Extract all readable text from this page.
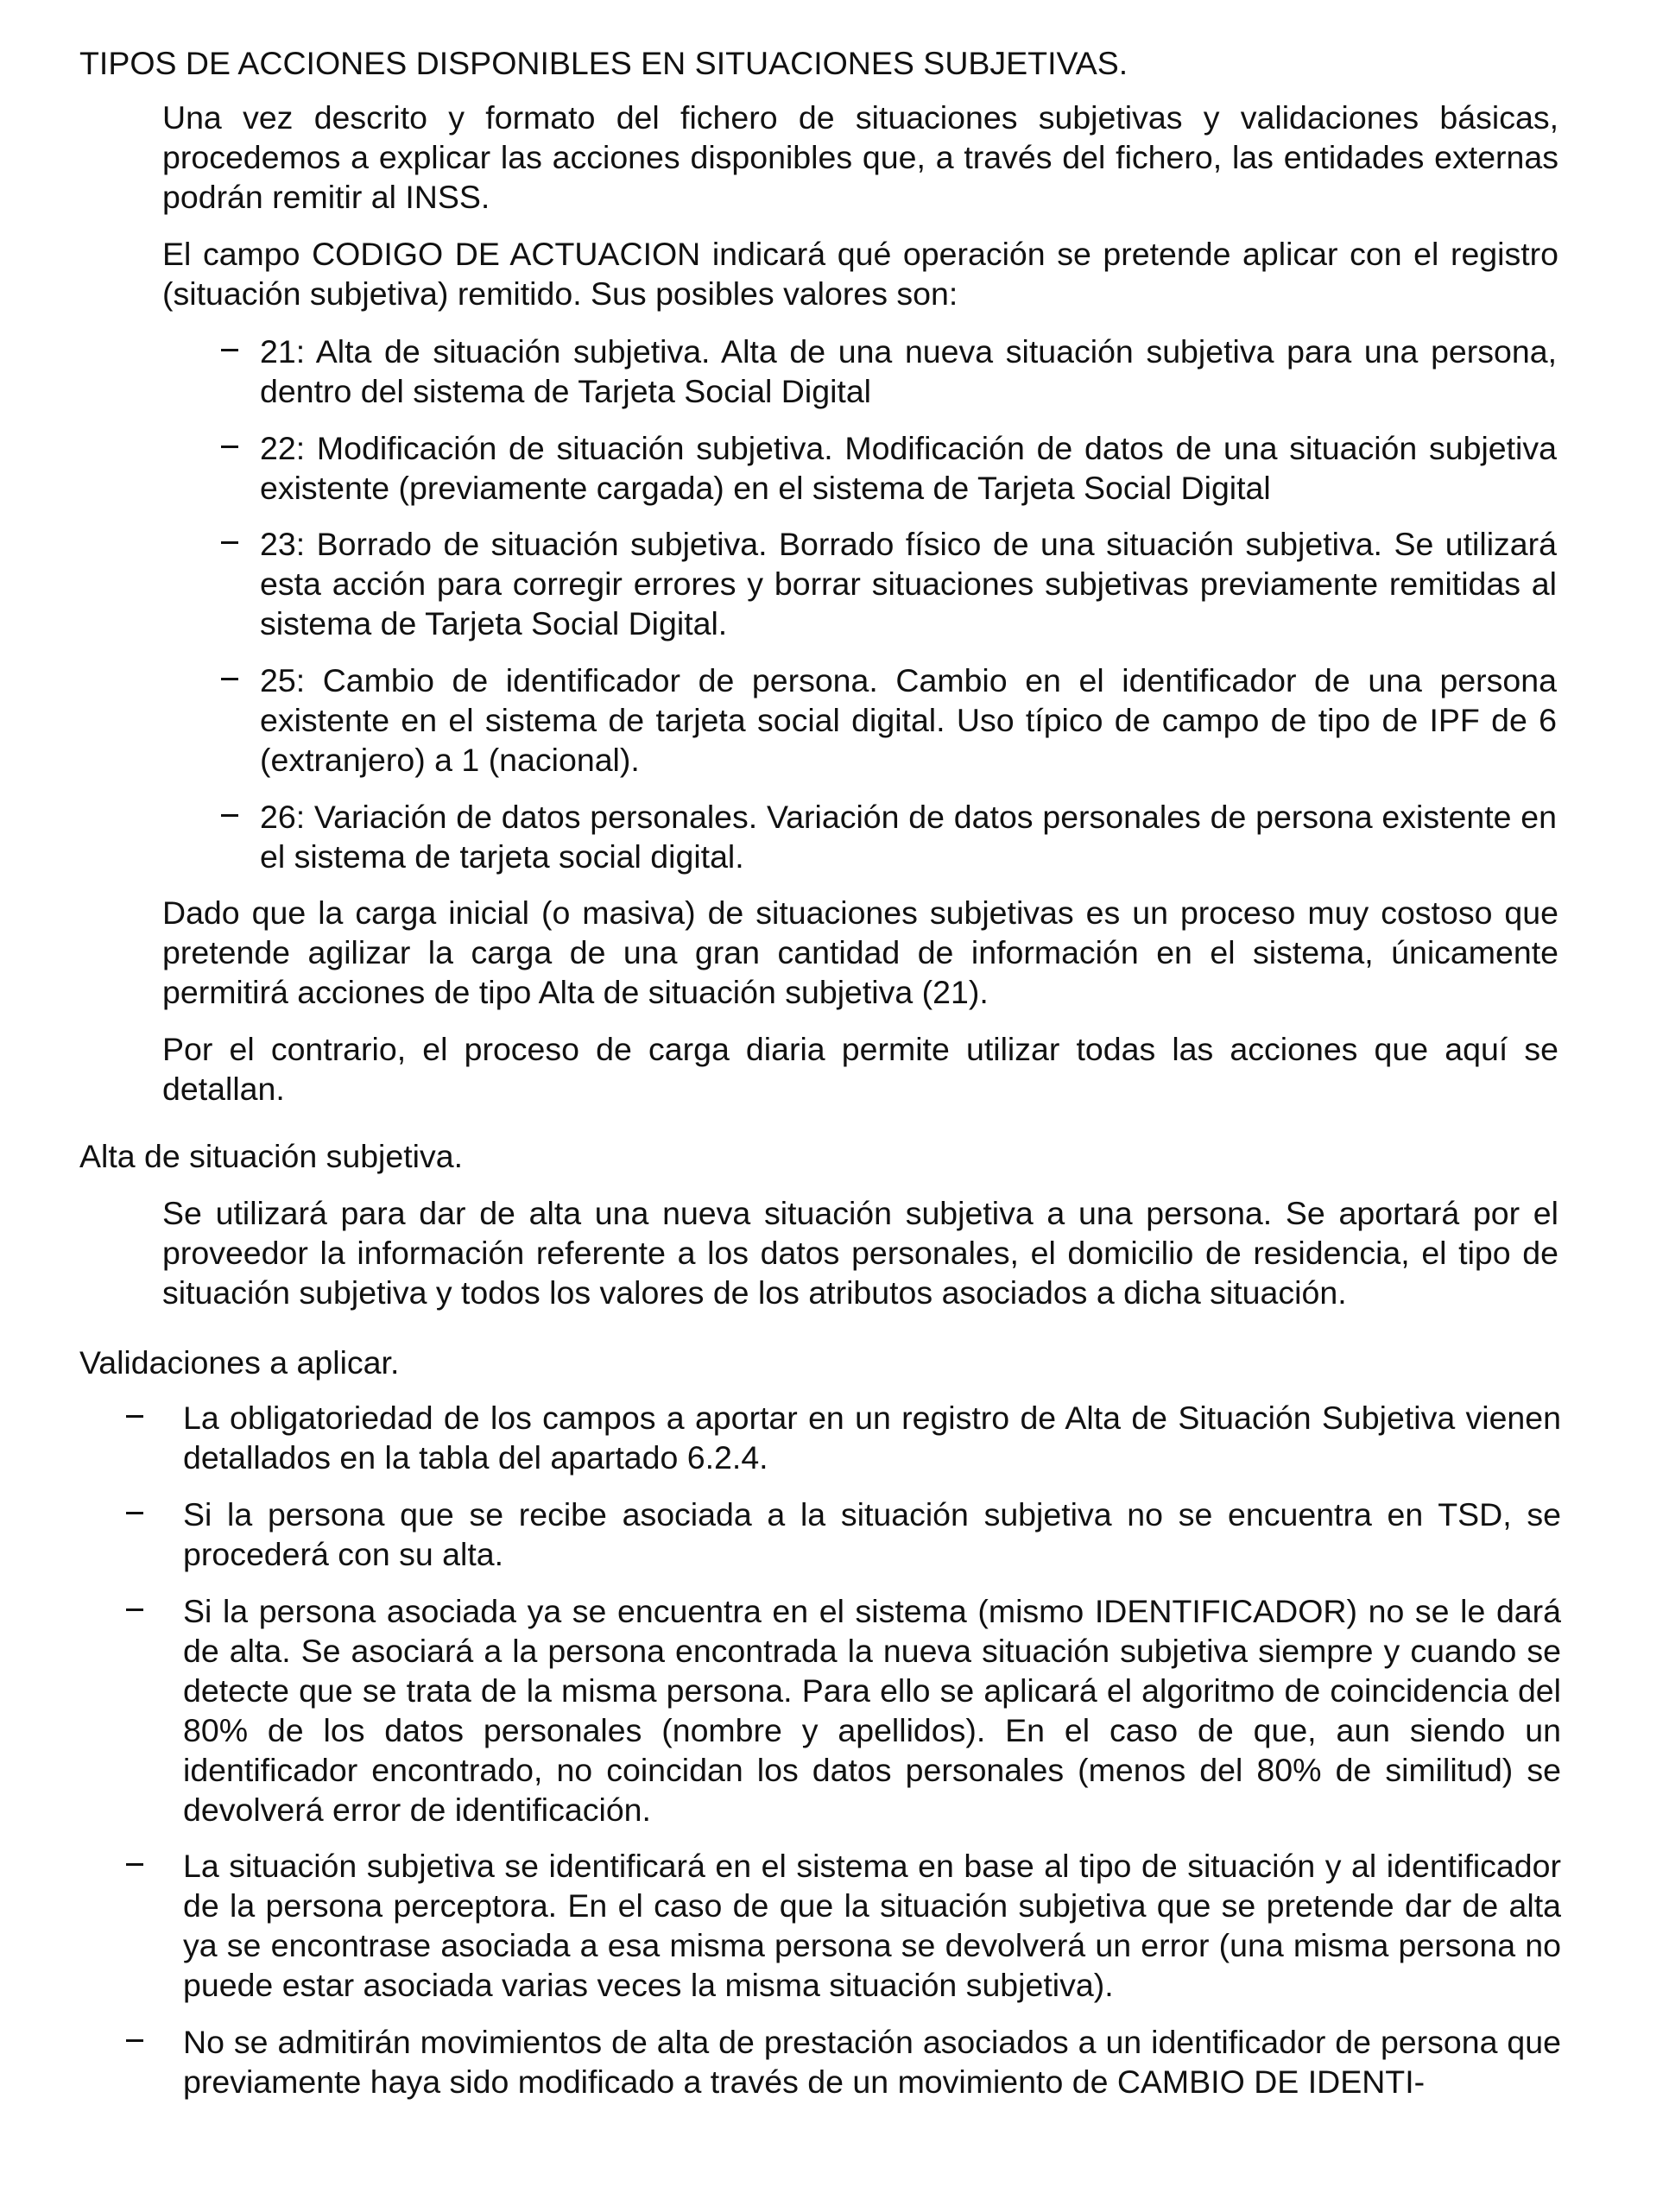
TIPOS DE ACCIONES DISPONIBLES EN SITUACIONES SUBJETIVAS.

Una vez descrito y formato del fichero de situaciones subjetivas y validaciones básicas, procedemos a explicar las acciones disponibles que, a través del fichero, las entidades externas podrán remitir al INSS.

El campo CODIGO DE ACTUACION indicará qué operación se pretende aplicar con el registro (situación subjetiva) remitido. Sus posibles valores son:

21: Alta de situación subjetiva. Alta de una nueva situación subjetiva para una persona, dentro del sistema de Tarjeta Social Digital
22: Modificación de situación subjetiva. Modificación de datos de una situación subjetiva existente (previamente cargada) en el sistema de Tarjeta Social Digital
23: Borrado de situación subjetiva. Borrado físico de una situación subjetiva. Se utilizará esta acción para corregir errores y borrar situaciones subjetivas previamente remitidas al sistema de Tarjeta Social Digital.
25: Cambio de identificador de persona. Cambio en el identificador de una persona existente en el sistema de tarjeta social digital. Uso típico de campo de tipo de IPF de 6 (extranjero) a 1 (nacional).
26: Variación de datos personales. Variación de datos personales de persona existente en el sistema de tarjeta social digital.

Dado que la carga inicial (o masiva) de situaciones subjetivas es un proceso muy costoso que pretende agilizar la carga de una gran cantidad de información en el sistema, únicamente permitirá acciones de tipo Alta de situación subjetiva (21).

Por el contrario, el proceso de carga diaria permite utilizar todas las acciones que aquí se detallan.

Alta de situación subjetiva.

Se utilizará para dar de alta una nueva situación subjetiva a una persona. Se aportará por el proveedor la información referente a los datos personales, el domicilio de residencia, el tipo de situación subjetiva y todos los valores de los atributos asociados a dicha situación.

Validaciones a aplicar.
La obligatoriedad de los campos a aportar en un registro de Alta de Situación Subjetiva vienen detallados en la tabla del apartado 6.2.4.
Si la persona que se recibe asociada a la situación subjetiva no se encuentra en TSD, se procederá con su alta.
Si la persona asociada ya se encuentra en el sistema (mismo IDENTIFICADOR) no se le dará de alta. Se asociará a la persona encontrada la nueva situación subjetiva siempre y cuando se detecte que se trata de la misma persona. Para ello se aplicará el algoritmo de coincidencia del 80% de los datos personales (nombre y apellidos). En el caso de que, aun siendo un identificador encontrado, no coincidan los datos personales (menos del 80% de similitud) se devolverá error de identificación.
La situación subjetiva se identificará en el sistema en base al tipo de situación y al identificador de la persona perceptora. En el caso de que la situación subjetiva que se pretende dar de alta ya se encontrase asociada a esa misma persona se devolverá un error (una misma persona no puede estar asociada varias veces la misma situación subjetiva).
No se admitirán movimientos de alta de prestación asociados a un identificador de persona que previamente haya sido modificado a través de un movimiento de CAMBIO DE IDENTI-
